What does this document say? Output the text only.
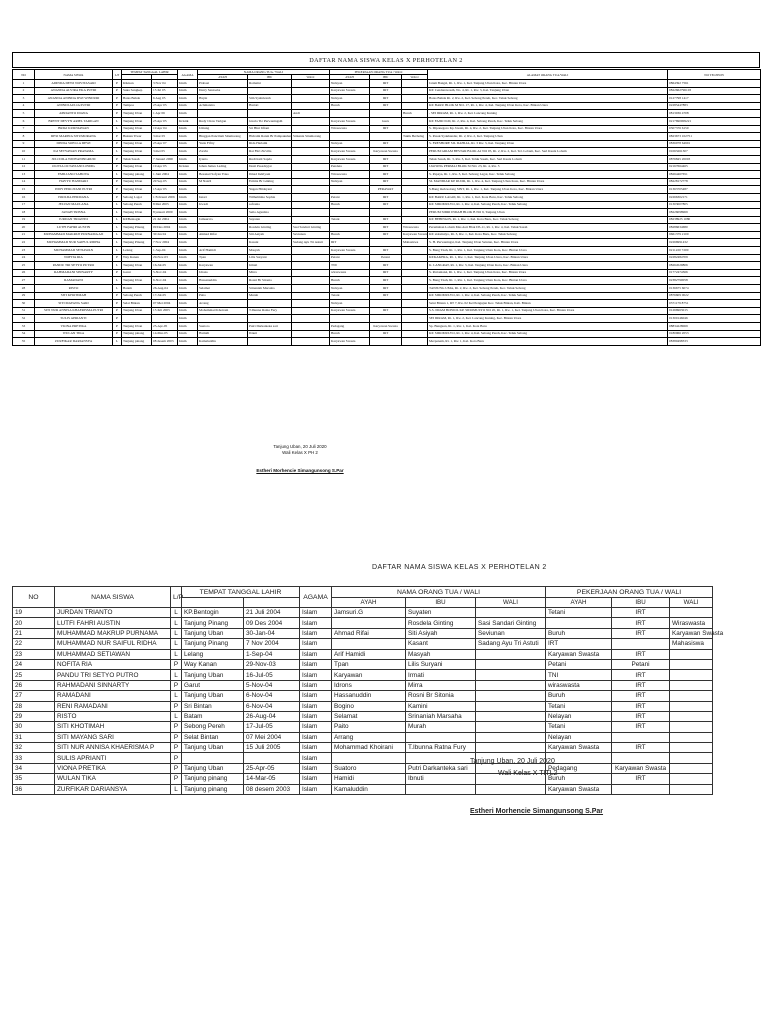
DAFTAR NAMA SISWA KELAS X PERHOTELAN 2
NO	NAMA SISWA	L/P	TEMPAT TANGGAL LAHIR		AGAMA	NAMA ORANG TUA / WALI			PEKERJAAN ORANG TUA / WALI			ALAMAT ORANG TUA/WALI	NO TELEPON
						AYAH	IBU	WALI	AYAH	IBU	WALI		
1	ADINDA DEWI NOVITASARI	P	Kikisan	3 Nov 04	Islam	Prabasi	Romaini		Nelayan	IRT		Jatam Bangsl, Rt. 1, Rw. 1, Kel. Tanjung Uban Kota, Kec. Bintan Utara	0864392 7561
2	ANANDA ALVIRA EKA PUTRI	P	Suka Sangkep	15 Jul 05	Islam	Darry Santoaba			Karyawan Swasta	IRT		KP. Cendanawasih, No. 4, Rt. 1, Rw. 3, Kel. Tanjung Uban	0822662796103
3	ANANDA ANINDA DWI WINDURI	P	Batas Bahda	6 Aug 05	Islam	Haynt	Sim Syahrizanh		Nelayan	IRT		Batas Bahda Rt. 2, Rw. 2, Kel. Sebong Pereh, Kec. Teluk Sebong	0127798 1417
4	ANINDI AULIA PUTRI	P	Tempoa	23 Apr 05	Islam	Achmatsira	Hartati		Buruh	IRT		KP. BARU BLOK M NO. 17, Rt. 1, Rw. 4, Kel. Tanjung Uban Kota, Kec. Bintan Utara	02285447883
5	APRIANTO DIANA	P	Tanjung Uban	1 Apr 06	Islam			Andi			Buruh	- SEI IRRAM, Rt. 1, Rw. 2, Kel. Lancang Kuning	0813036 4708
6	BRYNT DEVYN ARIEL TARIGAN	L	Tanjung Uban	25 Apr 05	Kristik	Rudy Chaw Tarigan	Gloria Tiz Purwaningsih		Karyawan Swasta	Guru		KP. FAJRI ILM, Rt. 2, Rw. 4, Kel. Sebong Pereh, Kec. Teluk Sebong	0217690009221
7	BRIGI KURNIAWAN	L	Tanjung Uban	19 Apr 04	Islam	Umung	Sri Hini Irfiani		Wiraswasta	IRT		S. Diponegoro Kp Jawah, Rt. 4, Rw. 2, Kel. Tanjung Uban Kota, Kec. Bintan Utara	0307376 6150
8	DESI MARINA SITUMORANG	P	Bukian Tiwar	3 mar 05	Islam	Binggan Pancilam Situmorang	Hidrami Ranni Br Pampakuhan	Srikania Situmorang			Tukik Berbelag	S. Pasak Syakhandar, Rt. 2, Rw. 2, Kel. Tanjung Uban	0823673 102751
9	DINDA SOELLA DEWI	P	Tanjung Uban	23 Apr 07	Islam	Yuda Fiftry	Rida Hariami		Nelayan	IRT		S. FRESHORE SIL DAHLIA, Rt. 3 Rw. 3, Kel. Tanjung Uban	0836978 64991
10	IGI SETYAWAN PRATAMA	L	Tanjung Uban	3 mei 05	Islam	Zarvin	Rai Fitri Zirvilia		Karyawan Swasta	Karyawan Swasta		PERUM GRIAM BESTAR BLOK A2 NO 05, Rt. 2, Rw. 2, Kel. Tel. Lobam, Kec. Seri Kuala Lobam	01063261307
11	JULI DILA WIDYANINGRUM	P	Teluk Sasah	7 Januari 2000	Islam	Iyanto	Rudi hatti Sapda		Karyawan Swasta	IRT		Teluk Sasah, Rt. 3, Rw. 3, Kel. Teluk Sasah, Kec. Seri Kuala Lobam	0876845 20003
12	OLIVIA OCTAVIANI LINDIG	P	Tanjung Uban	19 Apr 05	Kristen	Jehan James Lading	Desti Pasadayjai		Pendeta	IRT		JAWONG PERMAI BLOK SI NO. 23, Rt. 4, Rw. 3	02167664465
13	EMILIANO SABOVA	L	Tanjung pinang	1 Juni 2004	Islam	Besanad Sofyan Yoko	Ilmad Indriyani		Wiraswasta	IRT		S. Papaya, Rt. 1, Rw. 3, Kel. Sebong Lagoi, Kec. Teluk Sebong	08264467651
14	HAYYU HANDARI	P	Tanjung Uban	29 Sep 05	Islam	M Nazril	Ermita Br Ginting		Nelayan	IRT		SL MANDIAR KP RUOR, Rt. 1, Rw. 4, Kel. Tanjung Uban Kota, Kec. Bintan Utara	08228172778
15	INDY PERLITANI PUTRI	P	Tanjung Uban	15 Apr 05	Islam		Yugen Hiidayant			PERAWAT		S.Bang mah kolong SINT, Rt. 1, Rw. 1, Kel. Tanjung Uban Kota, Kec. Bintan Utara	01363705487
16	ISRILDA PERMANA	P	Sebong Lagoi	1 Februari 2006	Islam	Isnari	Wilhelmina Sophia		Petani	IRT		KP. BARU LAGOI, Rt. 1, Rw. 1, Kel. Kota Baru, Kec. Teluk Sebong	02266302171
17	JELVAN MAULANA	L	Sebong Pereh	8 Mei 2005	Islam	Irwadi	safrania		Buruh	IRT		KP. SIDOMULYO, Rt. 1, Rw. 4, Kel. Sebong Pereh, Kec. Teluk Sebong	01303007805
18	JANAH TRISNA	L	Tanjung Uban	8 januari 2000	Islam		Setia Agustina					PERUM SIDRI INDAH BLOK B NO 9, Tanjung Uban	08226098969
19	JURDAN TRIANTO	L	KP.Bentogin	21 Jul 2004	Islam	Jamsuri.G	Suyaten		Tetani	IRT		KP. BEBINGIN, Rt. 1, Rw. 1, Kel. Kota Baru, Kec. Teluk Sebong	08238925 1080
20	LUTFI FAHRI AUSTIN	L	Tanjung Pinang	09 Des 2004	Islam		Rosdela Ginting	Sasi Sandari Ginting		IRT	Wiraswasta	Perumahan Lobam Mas Asri Blok D5-11, Rt. 1, Rw. 4, Kel. Teluk Sasah	08286634680
21	MUHAMMAD MAKRUP PURNAMA AJI	L	Tanjung Uban	30 Jan 04	Islam	Ahmad Rifai	Siti Asiyah	Seviunan	Buruh	IRT	Karyawan Swasta	KP. sidomulyo, Rt. 3, Rw. 1, Kel. Kota Baru, Kec. Teluk Sebong	9661379 2100
22	MUHAMMAD NUR SAIFUL RIDHA	L	Tanjung Pinang	7 Nov 2004	Islam		Kasant	Sadang Ayu Tri Astuti	IRT		Mahasiswa	S. H. Purwaningsi, Kel. Tanjung Uban Selatan, Kec. Bintan Utara	02266991432
23	MUHAMMAD SETIAWAN	L	Lelang	1-Sep-04	Islam	Arif Hamidi	Masyah		Karyawan Swasta	IRT		S. Bang Tnah, Rt. 1, Rw. 1, Kel. Tanjung Uban Kota, Kec. Bintan Utara	0211220 7200
24	NOFITA RIA	P	Way Kanan	29-Nov-03	Islam	Tpan	Lilis Suryani		Petani	Petani		KP.KAKERA, Rt. 1, Rw. 1, Kel. Tanjung Uban Utara, Kec. Bintan Utara	02282484709
25	PANDU TRI SETYO PUTRO	L	Tanjung Uban	16-Jul-05	Islam	Karyawan	Irmati		TNI	IRT		K. LANGRAT, Rt. 1, Rw. 3, Kel. Tanjung Uban Kota, Kec. Bintan Utara	08264529806
26	RAHMADANI SINNARTY	P	Garut	5-Nov-04	Islam	Idrons	Mirra		wiraswasta	IRT		S. Pertanian4, Rt. 1, Rw. 1, Kel. Tanjung Uban Kota, Kec. Bintan Utara	01772474366
27	RAMADANI	L	Tanjung Uban	6-Nov-04	Islam	Hassanuddin	Rosni Br Sitonia		Buruh	IRT		S. Bang Tnah, Rt. 1, Rw. 1, Kel. Tanjung Uban Kota, Kec. Bintan Utara	02382790058
28	RISTO	L	Batam	26-Aug-04	Islam	Selamat	Srinaniah Marsaha		Nelayan	IRT		TANJUNG UMA, Rt. 2, Rw. 2, Kel. Sebong Pereh, Kec. Teluk Sebong	0136675 6074
29	SITI KHOTIMAH	P	Sebong Pereh	17-Jul-05	Islam	Paito	Murah		Tetani	IRT		KP. SIDOMULYO, Rt. 1, Rw. 4, Kel. Sebong Pereh, Kec. Teluk Sebong	0876609 0022
30	SITI MAYANG SARI	P	Selat Bintan	07 Mei 2004	Islam	Arrang			Nelayan			Selat Bintan 1, RT 7, Rw. 02 Kel Pengujan Kec. Teluk Bintan, Kab. Bintan	0371179 8751
31	SITI NUR ANNISA KHAERISMA PUTRI	P	Tanjung Uban	15 Juli 2005	Islam	Mohammad Khoirani	T.Ibunna Ratna Fury		Karyawan Swasta	IRT		S.S. IMAM BONJOL KP. SIDOMULYO NO 20, Rt. 1, Rw. 1, Kel. Tanjung Uban Kota, Kec. Bintan Utara	01266963015
32	SULIS APRIANTI	P			Islam							SEI IRRAM, Rt. 1, Rw. 2, Kel. Lancang Kuning, Kec. Bintan Utara	01300146046
33	VIONA PRETIKA	P	Tanjung Uban	25-Apr-05	Islam	Suatoro	Putri Darkanteka sari		Pedagang	Karyawan Swasta		Sp. Bunguan, Rt. 1, Rw. 1, Kel. Kota Baru	08834228069
34	WULAN TIKA	P	Tanjung pinang	14-Mar-05	Islam	Hamidi	Ibnuti		Buruh	IRT		KP. SIDOMULYO, Rt. 1, Rw. 4, Kel. Sebong Pereh, Kec. Teluk Sebong	0180966 2053
35	ZURFIKAR DARIANSYA	L	Tanjung pinang	08 desem 2003	Islam	Kamaluddin			Karyawan Swasta			Merpanam, Rt. 1, Rw. 1, Kel. Kota Baru	08380498333
Tanjung Uban, 20 Juli 2020
Wali Kelas X PH 2
Estheri Morhencie Simangunsong S.Par
DAFTAR NAMA SISWA KELAS X PERHOTELAN 2
NO	NAMA SISWA	L/P	TEMPAT TANGGAL LAHIR		AGAMA	NAMA ORANG TUA / WALI			PEKERJAAN ORANG TUA / WALI		
						AYAH	IBU	WALI	AYAH	IBU	WALI
19	JURDAN TRIANTO	L	KP.Bentogin	21 Juli 2004	Islam	Jamsuri.G	Suyaten		Tetani	IRT	
20	LUTFI FAHRI AUSTIN	L	Tanjung Pinang	09 Des 2004	Islam		Rosdela Ginting	Sasi Sandari Ginting		IRT	Wiraswasta
21	MUHAMMAD MAKRUP PURNAMA	L	Tanjung Uban	30-Jan-04	Islam	Ahmad Rifai	Siti Asiyah	Seviunan	Buruh	IRT	Karyawan Swasta
22	MUHAMMAD NUR SAIFUL RIDHA	L	Tanjung Pinang	7 Nov 2004	Islam		Kasant	Sadang Ayu Tri Astuti	IRT		Mahasiswa
23	MUHAMMAD SETIAWAN	L	Lelang	1-Sep-04	Islam	Arif Hamidi	Masyah		Karyawan Swasta	IRT	
24	NOFITA RIA	P	Way Kanan	29-Nov-03	Islam	Tpan	Lilis Suryani		Petani	Petani	
25	PANDU TRI SETYO PUTRO	L	Tanjung Uban	16-Jul-05	Islam	Karyawan	Irmati		TNI	IRT	
26	RAHMADANI SINNARTY	P	Garut	5-Nov-04	Islam	Idrons	Mirra		wiraswasta	IRT	
27	RAMADANI	L	Tanjung Uban	6-Nov-04	Islam	Hassanuddin	Rosni Br Sitonia		Buruh	IRT	
28	RENI RAMADANI	P	Sri Bintan	6-Nov-04	Islam	Bogino	Kamini		Tetani	IRT	
29	RISTO	L	Batam	26-Aug-04	Islam	Selamat	Srinaniah Marsaha		Nelayan	IRT	
30	SITI KHOTIMAH	P	Sebong Pereh	17-Jul-05	Islam	Paito	Murah		Tetani	IRT	
31	SITI MAYANG SARI	P	Selat Bintan	07 Mei 2004	Islam	Arrang			Nelayan		
32	SITI NUR ANNISA KHAERISMA P	P	Tanjung Uban	15 Juli 2005	Islam	Mohammad Khoirani	T.Ibunna Ratna Fury		Karyawan Swasta	IRT	
33	SULIS APRIANTI	P			Islam						
34	VIONA PRETIKA	P	Tanjung Uban	25-Apr-05	Islam	Suatoro	Putri Darkanteka sari		Pedagang	Karyawan Swasta	
35	WULAN TIKA	P	Tanjung pinang	14-Mar-05	Islam	Hamidi	Ibnuti		Buruh	IRT	
36	ZURFIKAR DARIANSYA	L	Tanjung pinang	08 desem 2003	Islam	Kamaluddin			Karyawan Swasta		
Tanjung Uban, 20 Juli 2020
Wali Kelas X TITL2
Estheri Morhencie Simangunsong S.Par
